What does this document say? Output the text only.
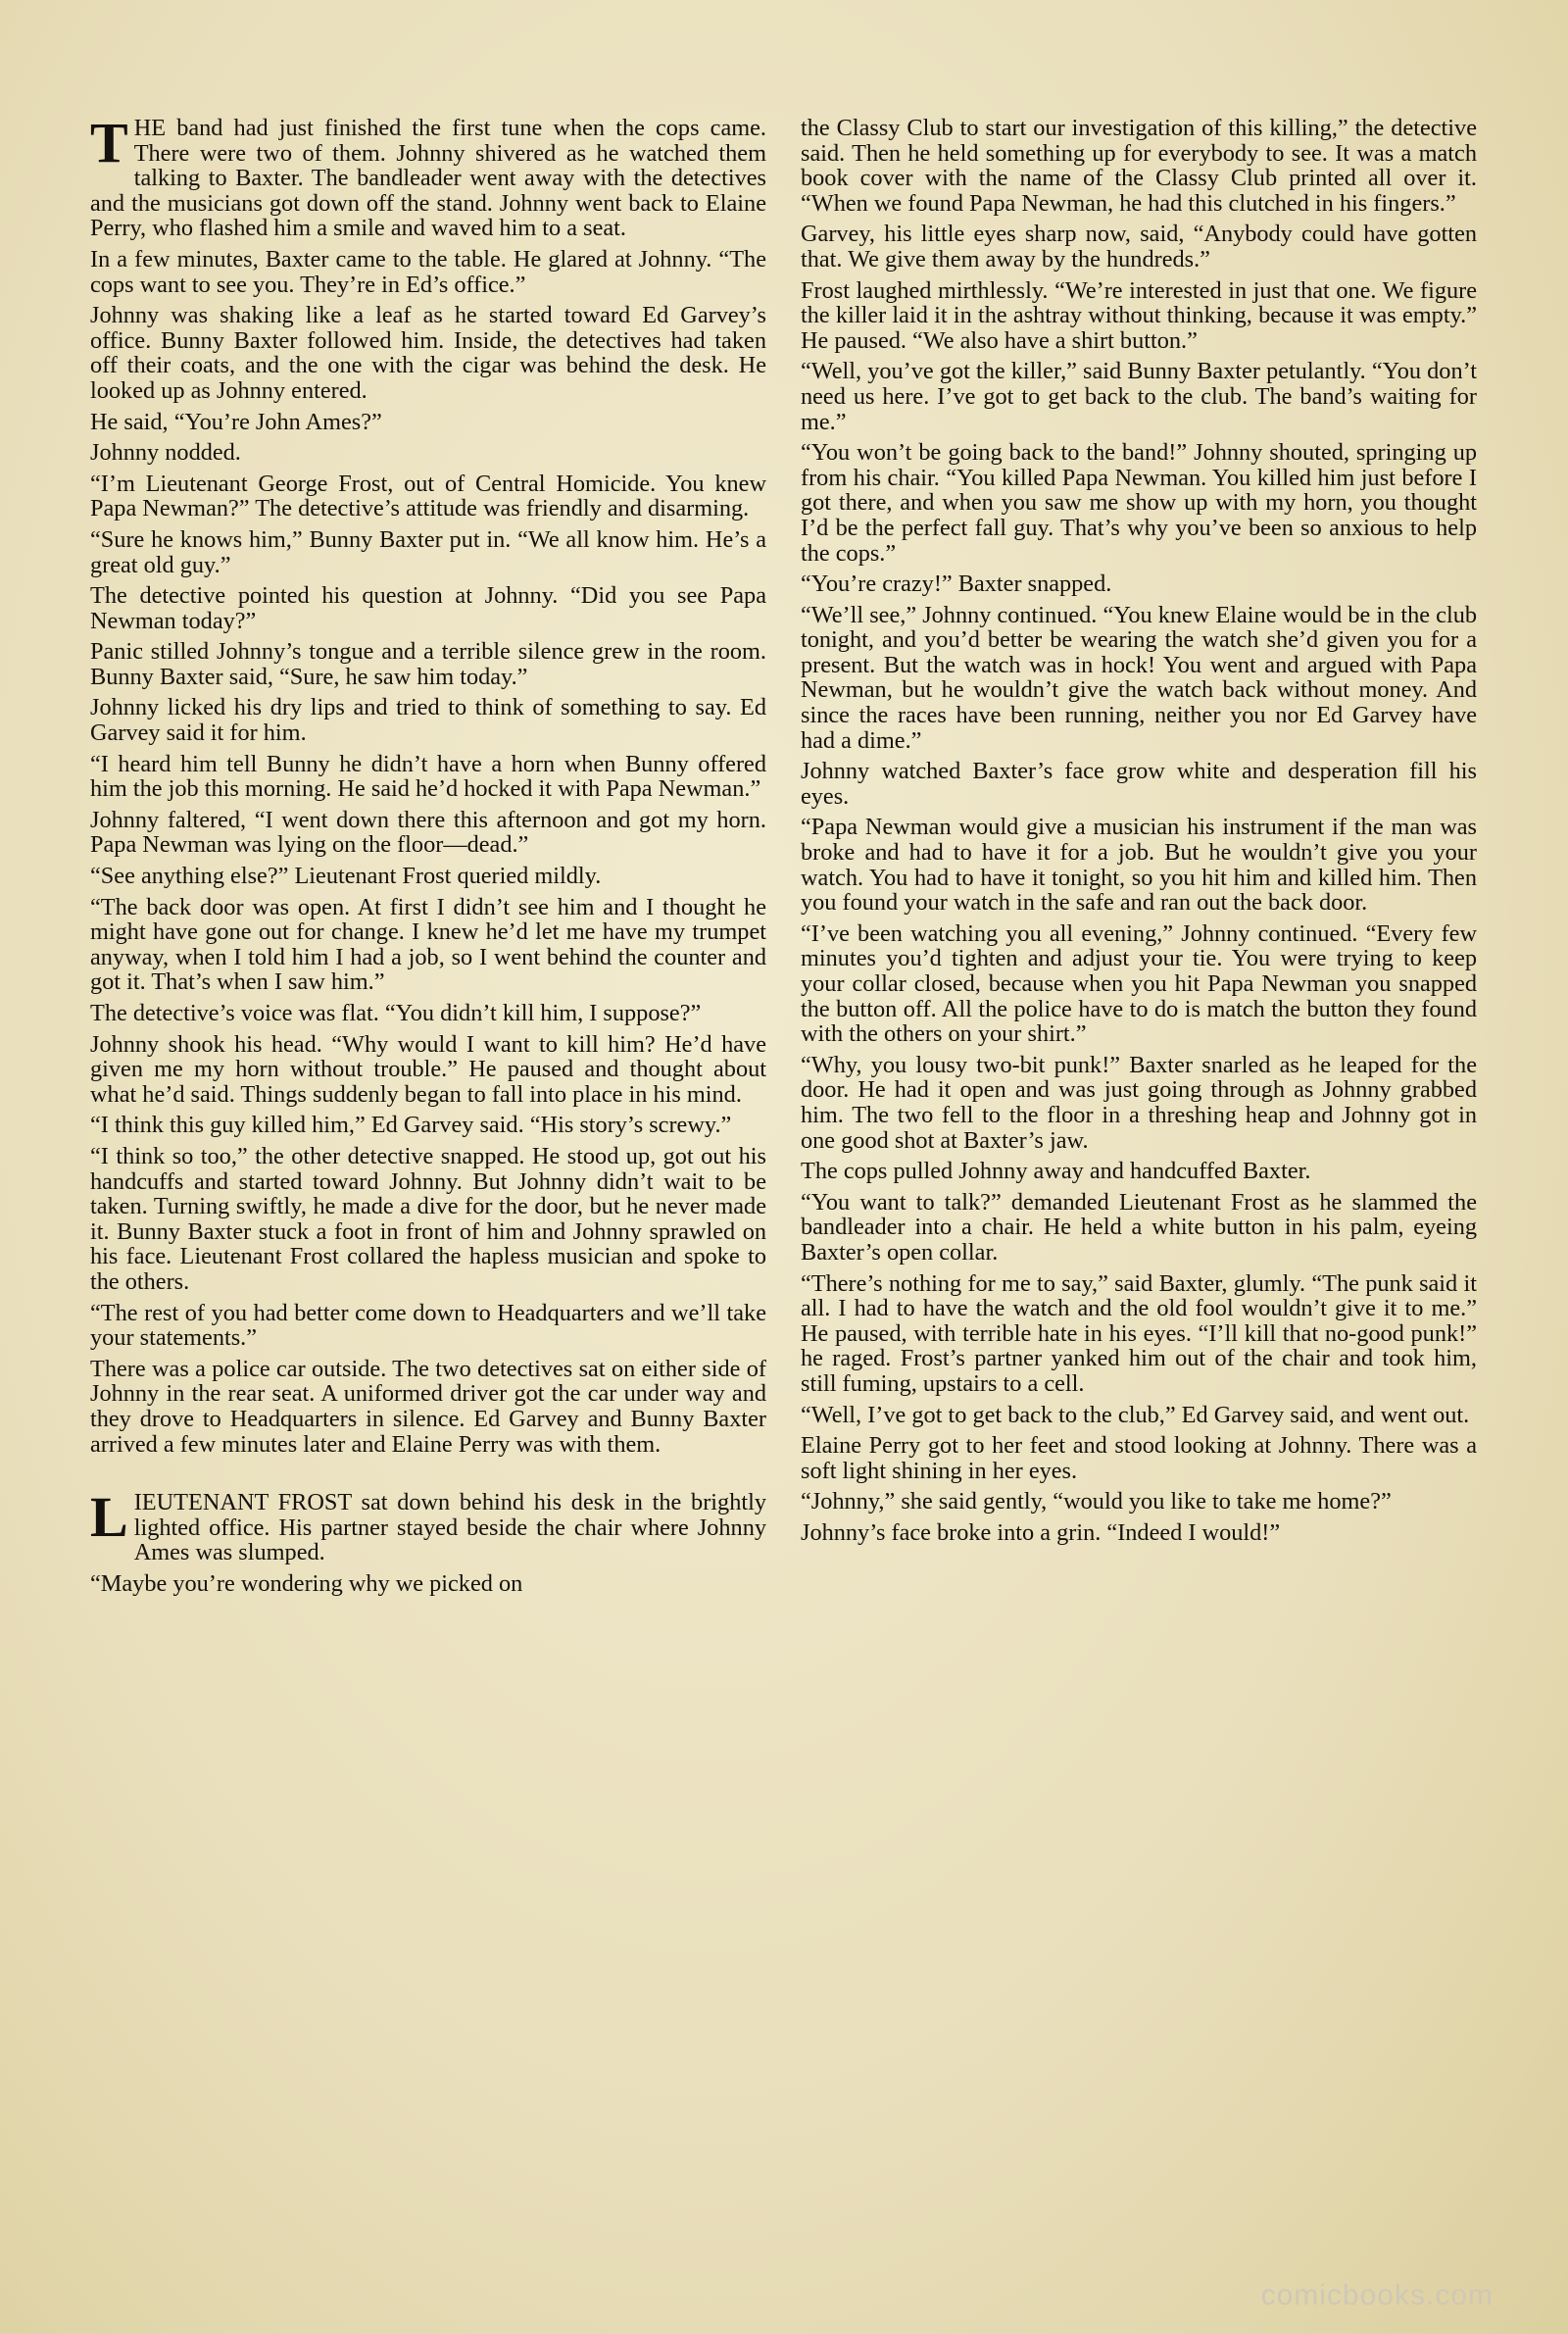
THE band had just finished the first tune when the cops came. There were two of them. Johnny shivered as he watched them talking to Baxter. The bandleader went away with the detectives and the musicians got down off the stand. Johnny went back to Elaine Perry, who flashed him a smile and waved him to a seat.

In a few minutes, Baxter came to the table. He glared at Johnny. “The cops want to see you. They’re in Ed’s office.”

Johnny was shaking like a leaf as he started toward Ed Garvey’s office. Bunny Baxter followed him. Inside, the detectives had taken off their coats, and the one with the cigar was behind the desk. He looked up as Johnny entered.

He said, “You’re John Ames?”

Johnny nodded.

“I’m Lieutenant George Frost, out of Central Homicide. You knew Papa Newman?” The detective’s attitude was friendly and disarming.

“Sure he knows him,” Bunny Baxter put in. “We all know him. He’s a great old guy.”

The detective pointed his question at Johnny. “Did you see Papa Newman today?”

Panic stilled Johnny’s tongue and a terrible silence grew in the room. Bunny Baxter said, “Sure, he saw him today.”

Johnny licked his dry lips and tried to think of something to say. Ed Garvey said it for him.

“I heard him tell Bunny he didn’t have a horn when Bunny offered him the job this morning. He said he’d hocked it with Papa Newman.”

Johnny faltered, “I went down there this afternoon and got my horn. Papa Newman was lying on the floor—dead.”

“See anything else?” Lieutenant Frost queried mildly.

“The back door was open. At first I didn’t see him and I thought he might have gone out for change. I knew he’d let me have my trumpet anyway, when I told him I had a job, so I went behind the counter and got it. That’s when I saw him.”

The detective’s voice was flat. “You didn’t kill him, I suppose?”

Johnny shook his head. “Why would I want to kill him? He’d have given me my horn without trouble.” He paused and thought about what he’d said. Things suddenly began to fall into place in his mind.

“I think this guy killed him,” Ed Garvey said. “His story’s screwy.”

“I think so too,” the other detective snapped. He stood up, got out his handcuffs and started toward Johnny. But Johnny didn’t wait to be taken. Turning swiftly, he made a dive for the door, but he never made it. Bunny Baxter stuck a foot in front of him and Johnny sprawled on his face. Lieutenant Frost collared the hapless musician and spoke to the others.

“The rest of you had better come down to Headquarters and we’ll take your statements.”

There was a police car outside. The two detectives sat on either side of Johnny in the rear seat. A uniformed driver got the car under way and they drove to Headquarters in silence. Ed Garvey and Bunny Baxter arrived a few minutes later and Elaine Perry was with them.

LIEUTENANT FROST sat down behind his desk in the brightly lighted office. His partner stayed beside the chair where Johnny Ames was slumped.

“Maybe you’re wondering why we picked on

the Classy Club to start our investigation of this killing,” the detective said. Then he held something up for everybody to see. It was a match book cover with the name of the Classy Club printed all over it. “When we found Papa Newman, he had this clutched in his fingers.”

Garvey, his little eyes sharp now, said, “Anybody could have gotten that. We give them away by the hundreds.”

Frost laughed mirthlessly. “We’re interested in just that one. We figure the killer laid it in the ashtray without thinking, because it was empty.” He paused. “We also have a shirt button.”

“Well, you’ve got the killer,” said Bunny Baxter petulantly. “You don’t need us here. I’ve got to get back to the club. The band’s waiting for me.”

“You won’t be going back to the band!” Johnny shouted, springing up from his chair. “You killed Papa Newman. You killed him just before I got there, and when you saw me show up with my horn, you thought I’d be the perfect fall guy. That’s why you’ve been so anxious to help the cops.”

“You’re crazy!” Baxter snapped.

“We’ll see,” Johnny continued. “You knew Elaine would be in the club tonight, and you’d better be wearing the watch she’d given you for a present. But the watch was in hock! You went and argued with Papa Newman, but he wouldn’t give the watch back without money. And since the races have been running, neither you nor Ed Garvey have had a dime.”

Johnny watched Baxter’s face grow white and desperation fill his eyes.

“Papa Newman would give a musician his instrument if the man was broke and had to have it for a job. But he wouldn’t give you your watch. You had to have it tonight, so you hit him and killed him. Then you found your watch in the safe and ran out the back door.

“I’ve been watching you all evening,” Johnny continued. “Every few minutes you’d tighten and adjust your tie. You were trying to keep your collar closed, because when you hit Papa Newman you snapped the button off. All the police have to do is match the button they found with the others on your shirt.”

“Why, you lousy two-bit punk!” Baxter snarled as he leaped for the door. He had it open and was just going through as Johnny grabbed him. The two fell to the floor in a threshing heap and Johnny got in one good shot at Baxter’s jaw.

The cops pulled Johnny away and handcuffed Baxter.

“You want to talk?” demanded Lieutenant Frost as he slammed the bandleader into a chair. He held a white button in his palm, eyeing Baxter’s open collar.

“There’s nothing for me to say,” said Baxter, glumly. “The punk said it all. I had to have the watch and the old fool wouldn’t give it to me.” He paused, with terrible hate in his eyes. “I’ll kill that no-good punk!” he raged. Frost’s partner yanked him out of the chair and took him, still fuming, upstairs to a cell.

“Well, I’ve got to get back to the club,” Ed Garvey said, and went out.

Elaine Perry got to her feet and stood looking at Johnny. There was a soft light shining in her eyes.

“Johnny,” she said gently, “would you like to take me home?”

Johnny’s face broke into a grin. “Indeed I would!”

comicbooks.com
